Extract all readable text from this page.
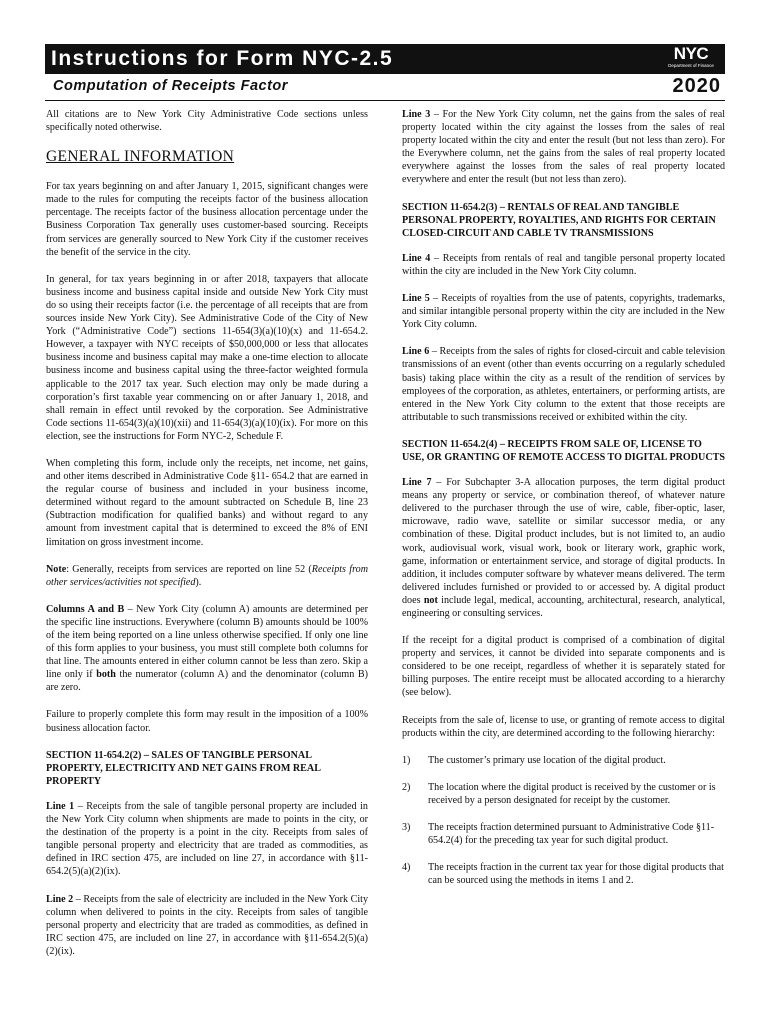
Instructions for Form NYC-2.5	NYC
Department of Finance
Computation of Receipts Factor	2020

All citations are to New York City Administrative Code sections unless specifically noted otherwise.

GENERAL INFORMATION

For tax years beginning on and after January 1, 2015, significant changes were made to the rules for computing the receipts factor of the business allocation percentage. The receipts factor of the business allocation percentage under the Business Corporation Tax generally uses customer-based sourcing. Receipts from services are generally sourced to New York City if the customer receives the benefit of the service in the city.

In general, for tax years beginning in or after 2018, taxpayers that allocate business income and business capital inside and outside New York City must do so using their receipts factor (i.e. the percentage of all receipts that are from sources inside New York City). See Administrative Code of the City of New York (“Administrative Code”) sections 11-654(3)(a)(10)(x) and 11-654.2. However, a taxpayer with NYC receipts of $50,000,000 or less that allocates business income and business capital may make a one-time election to allocate business income and business capital using the three-factor weighted formula applicable to the 2017 tax year. Such election may only be made during a corporation’s first taxable year commencing on or after January 1, 2018, and shall remain in effect until revoked by the corporation. See Administrative Code sections 11-654(3)(a)(10)(xii) and 11-654(3)(a)(10)(ix). For more on this election, see the instructions for Form NYC-2, Schedule F.

When completing this form, include only the receipts, net income, net gains, and other items described in Administrative Code §11- 654.2 that are earned in the regular course of business and included in your business income, determined without regard to the amount subtracted on Schedule B, line 23 (Subtraction modification for qualified banks) and without regard to any amount from investment capital that is determined to exceed the 8% of ENI limitation on gross investment income.

Note: Generally, receipts from services are reported on line 52 (Receipts from other services/activities not specified).

Columns A and B – New York City (column A) amounts are determined per the specific line instructions. Everywhere (column B) amounts should be 100% of the item being reported on a line unless otherwise specified. If only one line of this form applies to your business, you must still complete both columns for that line. The amounts entered in either column cannot be less than zero. Skip a line only if both the numerator (column A) and the denominator (column B) are zero.

Failure to properly complete this form may result in the imposition of a 100% business allocation factor.

SECTION 11-654.2(2) – SALES OF TANGIBLE PERSONAL PROPERTY, ELECTRICITY AND NET GAINS FROM REAL PROPERTY

Line 1 – Receipts from the sale of tangible personal property are included in the New York City column when shipments are made to points in the city, or the destination of the property is a point in the city. Receipts from sales of tangible personal property and electricity that are traded as commodities, as defined in IRC section 475, are included on line 27, in accordance with §11-654.2(5)(a)(2)(ix).

Line 2 – Receipts from the sale of electricity are included in the New York City column when delivered to points in the city. Receipts from sales of tangible personal property and electricity that are traded as commodities, as defined in IRC section 475, are included on line 27, in accordance with §11-654.2(5)(a)(2)(ix).

Line 3 – For the New York City column, net the gains from the sales of real property located within the city against the losses from the sales of real property located within the city and enter the result (but not less than zero). For the Everywhere column, net the gains from the sales of real property located everywhere against the losses from the sales of real property located everywhere and enter the result (but not less than zero).

SECTION 11-654.2(3) – RENTALS OF REAL AND TANGIBLE PERSONAL PROPERTY, ROYALTIES, AND RIGHTS FOR CERTAIN CLOSED-CIRCUIT AND CABLE TV TRANSMISSIONS

Line 4 – Receipts from rentals of real and tangible personal property located within the city are included in the New York City column.

Line 5 – Receipts of royalties from the use of patents, copyrights, trademarks, and similar intangible personal property within the city are included in the New York City column.

Line 6 – Receipts from the sales of rights for closed-circuit and cable television transmissions of an event (other than events occurring on a regularly scheduled basis) taking place within the city as a result of the rendition of services by employees of the corporation, as athletes, entertainers, or performing artists, are entered in the New York City column to the extent that those receipts are attributable to such transmissions received or exhibited within the city.

SECTION 11-654.2(4) – RECEIPTS FROM SALE OF, LICENSE TO USE, OR GRANTING OF REMOTE ACCESS TO DIGITAL PRODUCTS

Line 7 – For Subchapter 3-A allocation purposes, the term digital product means any property or service, or combination thereof, of whatever nature delivered to the purchaser through the use of wire, cable, fiber-optic, laser, microwave, radio wave, satellite or similar successor media, or any combination of these. Digital product includes, but is not limited to, an audio work, audiovisual work, visual work, book or literary work, graphic work, game, information or entertainment service, and storage of digital products. In addition, it includes computer software by whatever means delivered. The term delivered includes furnished or provided to or accessed by. A digital product does not include legal, medical, accounting, architectural, research, analytical, engineering or consulting services.

If the receipt for a digital product is comprised of a combination of digital property and services, it cannot be divided into separate components and is considered to be one receipt, regardless of whether it is separately stated for billing purposes. The entire receipt must be allocated according to a hierarchy (see below).

Receipts from the sale of, license to use, or granting of remote access to digital products within the city, are determined according to the following hierarchy:

1) The customer’s primary use location of the digital product.
2) The location where the digital product is received by the customer or is received by a person designated for receipt by the customer.
3) The receipts fraction determined pursuant to Administrative Code §11-654.2(4) for the preceding tax year for such digital product.
4) The receipts fraction in the current tax year for those digital products that can be sourced using the methods in items 1 and 2.
